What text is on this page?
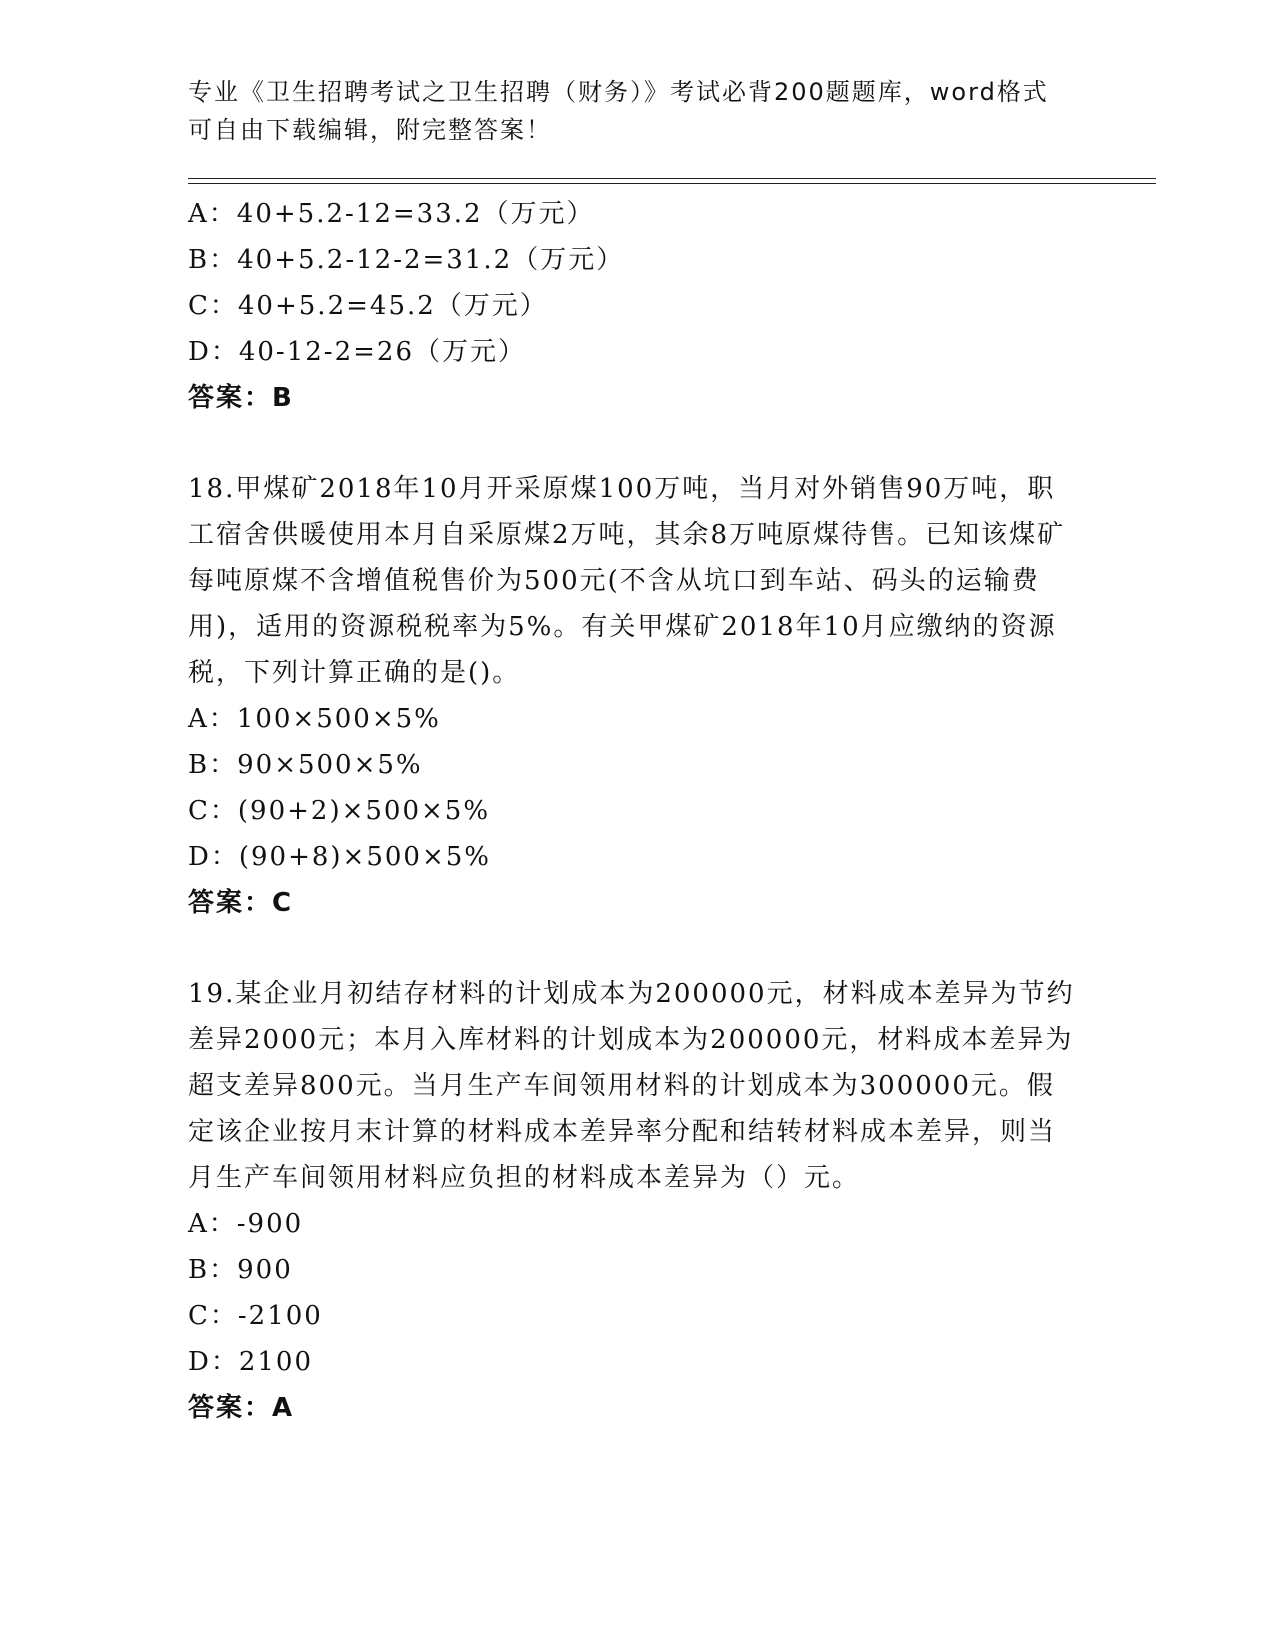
专业《卫生招聘考试之卫生招聘（财务）》考试必背200题题库，word格式可自由下载编辑，附完整答案！
A：40+5.2-12=33.2（万元）
B：40+5.2-12-2=31.2（万元）
C：40+5.2=45.2（万元）
D：40-12-2=26（万元）
答案：B
18.甲煤矿2018年10月开采原煤100万吨，当月对外销售90万吨，职工宿舍供暖使用本月自采原煤2万吨，其余8万吨原煤待售。已知该煤矿每吨原煤不含增值税售价为500元(不含从坑口到车站、码头的运输费用)，适用的资源税税率为5%。有关甲煤矿2018年10月应缴纳的资源税，下列计算正确的是()。
A：100×500×5%
B：90×500×5%
C：(90+2)×500×5%
D：(90+8)×500×5%
答案：C
19.某企业月初结存材料的计划成本为200000元，材料成本差异为节约差异2000元；本月入库材料的计划成本为200000元，材料成本差异为超支差异800元。当月生产车间领用材料的计划成本为300000元。假定该企业按月末计算的材料成本差异率分配和结转材料成本差异，则当月生产车间领用材料应负担的材料成本差异为（）元。
A：-900
B：900
C：-2100
D：2100
答案：A
